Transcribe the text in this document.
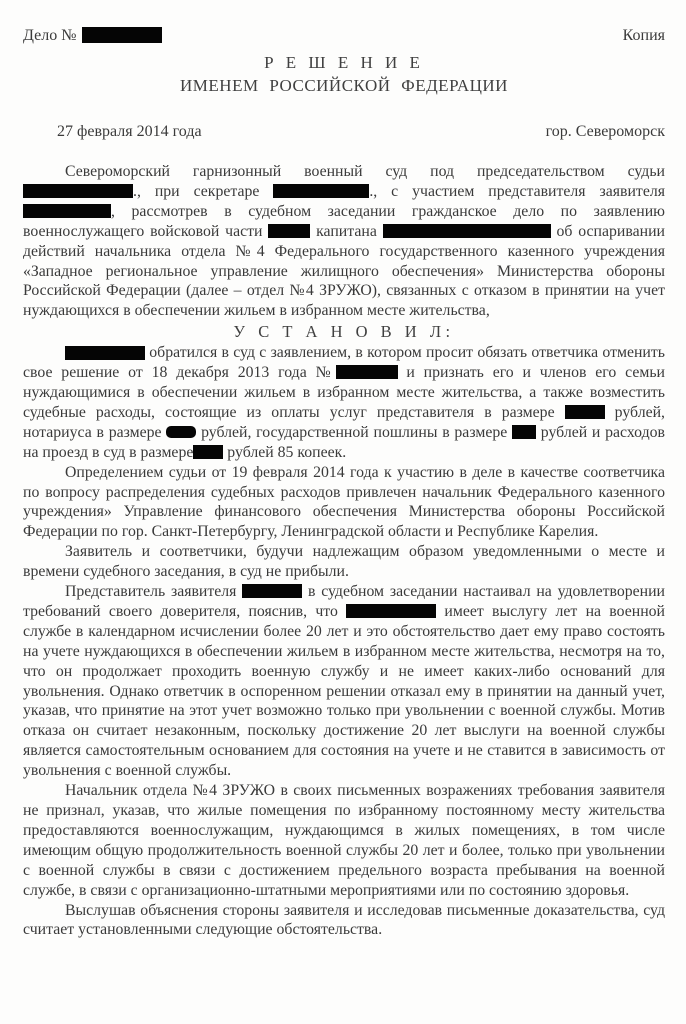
Дело №	Копия
Р Е Ш Е Н И Е
ИМЕНЕМ РОССИЙСКОЙ ФЕДЕРАЦИИ
27 февраля 2014 года	гор. Североморск

Североморский гарнизонный военный суд под председательством судьи ., при секретаре	., с участием представителя заявителя , рассмотрев в судебном заседании гражданское дело по заявлению военнослужащего войсковой части	капитана	об оспаривании действий начальника отдела №4 Федерального государственного казенного учреждения «Западное региональное управление жилищного обеспечения» Министерства обороны Российской Федерации (далее – отдел №4 ЗРУЖО), связанных с отказом в принятии на учет нуждающихся в обеспечении жильем в избранном месте жительства,

У С Т А Н О В И Л:

обратился в суд с заявлением, в котором просит обязать ответчика отменить свое решение от 18 декабря 2013 года №	и признать его и членов его семьи нуждающимися в обеспечении жильем в избранном месте жительства, а также возместить судебные расходы, состоящие из оплаты услуг представителя в размере	рублей, нотариуса в размере  рублей, государственной пошлины в размере  рублей и расходов на проезд в суд в размере рублей 85 копеек.

Определением судьи от 19 февраля 2014 года к участию в деле в качестве соответчика по вопросу распределения судебных расходов привлечен начальник Федерального казенного учреждения» Управление финансового обеспечения Министерства обороны Российской Федерации по гор. Санкт-Петербургу, Ленинградской области и Республике Карелия.

Заявитель и соответчики, будучи надлежащим образом уведомленными о месте и времени судебного заседания, в суд не прибыли.

Представитель заявителя	в судебном заседании настаивал на удовлетворении требований своего доверителя, пояснив, что	имеет выслугу лет на военной службе в календарном исчислении более 20 лет и это обстоятельство дает ему право состоять на учете нуждающихся в обеспечении жильем в избранном месте жительства, несмотря на то, что он продолжает проходить военную службу и не имеет каких-либо оснований для увольнения. Однако ответчик в оспоренном решении отказал ему в принятии на данный учет, указав, что принятие на этот учет возможно только при увольнении с военной службы. Мотив отказа он считает незаконным, поскольку достижение 20 лет выслуги на военной службы является самостоятельным основанием для состояния на учете и не ставится в зависимость от увольнения с военной службы.

Начальник отдела №4 ЗРУЖО в своих письменных возражениях требования заявителя не признал, указав, что жилые помещения по избранному постоянному месту жительства предоставляются военнослужащим, нуждающимся в жилых помещениях, в том числе имеющим общую продолжительность военной службы 20 лет и более, только при увольнении с военной службы в связи с достижением предельного возраста пребывания на военной службе, в связи с организационно-штатными мероприятиями или по состоянию здоровья.

Выслушав объяснения стороны заявителя и исследовав письменные доказательства, суд считает установленными следующие обстоятельства.
